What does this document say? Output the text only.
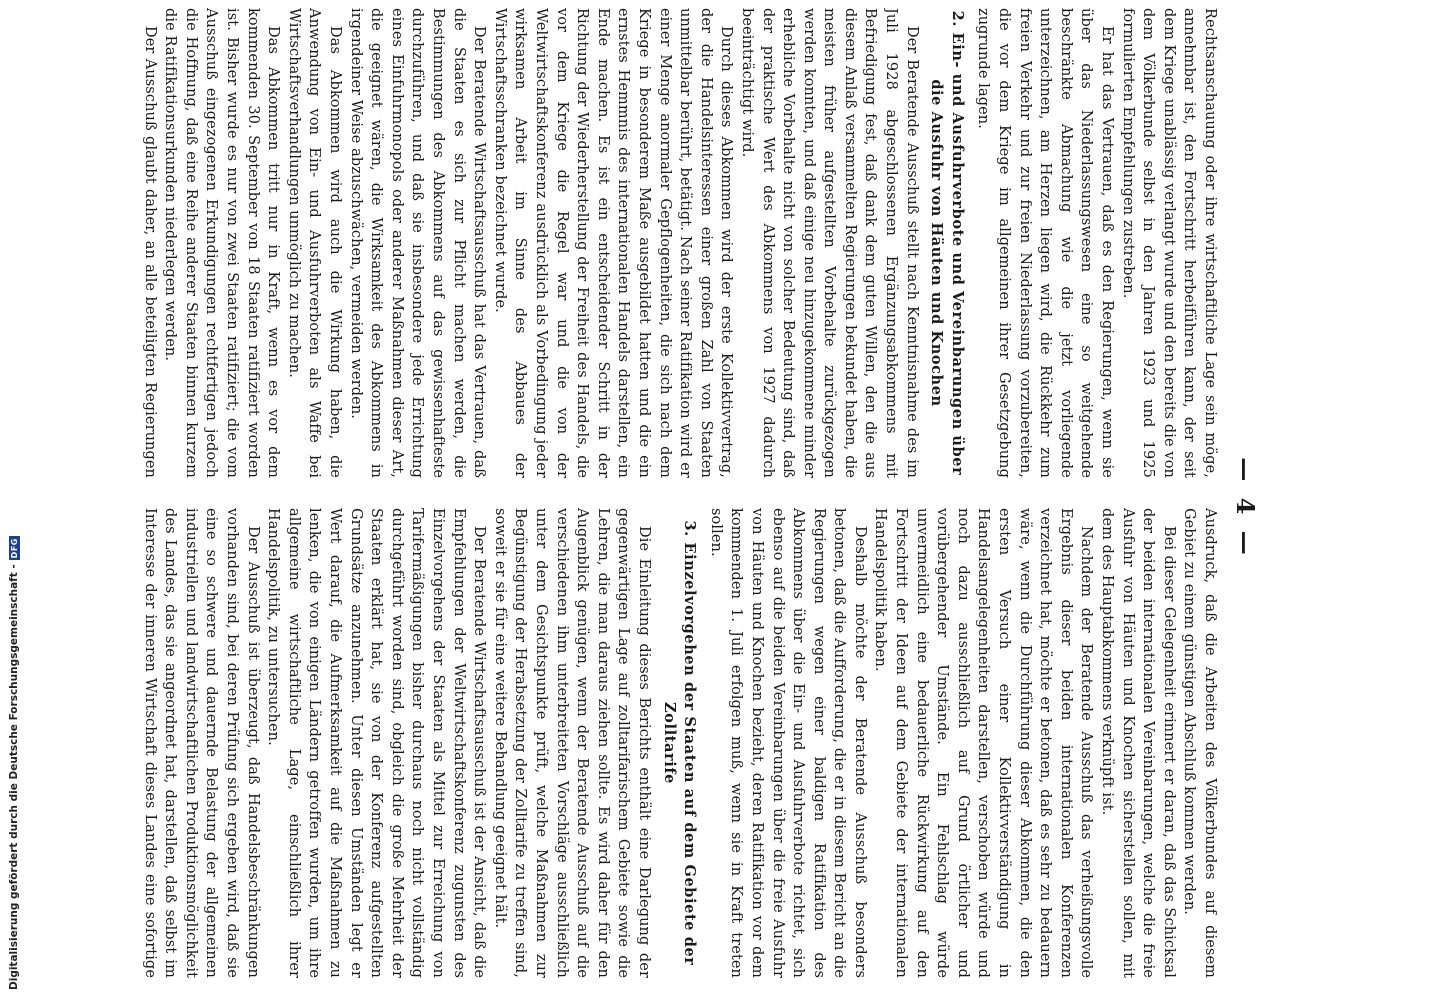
— 4 —

Rechtsanschauung oder ihre wirtschaftliche Lage sein möge, annehmbar ist, den Fortschritt herbeiführen kann, der seit dem Kriege unablässig verlangt wurde und den bereits die von dem Völkerbunde selbst in den Jahren 1923 und 1925 formulierten Empfehlungen zustreben.

Er hat das Vertrauen, daß es den Regierungen, wenn sie über das Niederlassungswesen eine so weitgehende beschränkte Abmachung wie die jetzt vorliegende unterzeichnen, am Herzen liegen wird, die Rückkehr zum freien Verkehr und zur freien Niederlassung vorzubereiten, die vor dem Kriege im allgemeinen ihrer Gesetzgebung zugrunde lagen.

2. Ein- und Ausfuhrverbote und Vereinbarungen über die Ausfuhr von Häuten und Knochen

Der Beratende Ausschuß stellt nach Kenntnisnahme des im Juli 1928 abgeschlossenen Ergänzungsabkommens mit Befriedigung fest, daß dank dem guten Willen, den die aus diesem Anlaß versammelten Regierungen bekundet haben, die meisten früher aufgestellten Vorbehalte zurückgezogen werden konnten, und daß einige neu hinzugekommene minder erhebliche Vorbehalte nicht von solcher Bedeutung sind, daß der praktische Wert des Abkommens von 1927 dadurch beeinträchtigt wird.

Durch dieses Abkommen wird der erste Kollektivvertrag, der die Handelsinteressen einer großen Zahl von Staaten unmittelbar berührt, betätigt. Nach seiner Ratifikation wird er einer Menge anormaler Gepflogenheiten, die sich nach dem Kriege in besonderem Maße ausgebildet hatten und die ein ernstes Hemmnis des internationalen Handels darstellen, ein Ende machen. Es ist ein entscheidender Schritt in der Richtung der Wiederherstellung der Freiheit des Handels, die vor dem Kriege die Regel war und die von der Weltwirtschaftskonferenz ausdrücklich als Vorbedingung jeder wirksamen Arbeit im Sinne des Abbaues der Wirtschaftsschranken bezeichnet wurde.

Der Beratende Wirtschaftsausschuß hat das Vertrauen, daß die Staaten es sich zur Pflicht machen werden, die Bestimmungen des Abkommens auf das gewissenhafteste durchzuführen, und daß sie insbesondere jede Errichtung eines Einfuhrmonopols oder anderer Maßnahmen dieser Art, die geeignet wären, die Wirksamkeit des Abkommens in irgendeiner Weise abzuschwächen, vermeiden werden.

Das Abkommen wird auch die Wirkung haben, die Anwendung von Ein- und Ausfuhrverboten als Waffe bei Wirtschaftsverhandlungen unmöglich zu machen.

Das Abkommen tritt nur in Kraft, wenn es vor dem kommenden 30. September von 18 Staaten ratifiziert worden ist. Bisher wurde es nur von zwei Staaten ratifiziert; die vom Ausschuß eingezogenen Erkundigungen rechtfertigen jedoch die Hoffnung, daß eine Reihe anderer Staaten binnen kurzem die Ratifikationsurkunden niederlegen werden.

Der Ausschuß glaubt daher, an alle beteiligten Regierungen

Ausdruck, daß die Arbeiten des Völkerbundes auf diesem Gebiet zu einem günstigen Abschluß kommen werden.

Bei dieser Gelegenheit erinnert er daran, daß das Schicksal der beiden internationalen Vereinbarungen, welche die freie Ausfuhr von Häuten und Knochen sicherstellen sollen, mit dem des Hauptabkommens verknüpft ist.

Nachdem der Beratende Ausschuß das verheißungsvolle Ergebnis dieser beiden internationalen Konferenzen verzeichnet hat, möchte er betonen, daß es sehr zu bedauern wäre, wenn die Durchführung dieser Abkommen, die den ersten Versuch einer Kollektivverständigung in Handelsangelegenheiten darstellen, verschoben würde und noch dazu ausschließlich auf Grund örtlicher und vorübergehender Umstände. Ein Fehlschlag würde unvermeidlich eine bedauerliche Rückwirkung auf den Fortschritt der Ideen auf dem Gebiete der internationalen Handelspolitik haben.

Deshalb möchte der Beratende Ausschuß besonders betonen, daß die Aufforderung, die er in diesem Bericht an die Regierungen wegen einer baldigen Ratifikation des Abkommens über die Ein- und Ausfuhrverbote richtet, sich ebenso auf die beiden Vereinbarungen über die freie Ausfuhr von Häuten und Knochen bezieht, deren Ratifikation vor dem kommenden 1. Juli erfolgen muß, wenn sie in Kraft treten sollen.

3. Einzelvorgehen der Staaten auf dem Gebiete der Zolltarife

Die Einleitung dieses Berichts enthält eine Darlegung der gegenwärtigen Lage auf zolltarifarischem Gebiete sowie die Lehren, die man daraus ziehen sollte. Es wird daher für den Augenblick genügen, wenn der Beratende Ausschuß auf die verschiedenen ihm unterbreiteten Vorschläge ausschließlich unter dem Gesichtspunkte prüft, welche Maßnahmen zur Begünstigung der Herabsetzung der Zolltarife zu treffen sind, soweit er sie für eine weitere Behandlung geeignet hält.

Der Beratende Wirtschaftsausschuß ist der Ansicht, daß die Empfehlungen der Weltwirtschaftskonferenz zugunsten des Einzelvorgehens der Staaten als Mittel zur Erreichung von Tarifermäßigungen bisher durchaus noch nicht vollständig durchgeführt worden sind, obgleich die große Mehrheit der Staaten erklärt hat, sie von der Konferenz aufgestellten Grundsätze anzunehmen. Unter diesen Umständen legt er Wert darauf, die Aufmerksamkeit auf die Maßnahmen zu lenken, die von einigen Ländern getroffen wurden, um ihre allgemeine wirtschaftliche Lage, einschließlich ihrer Handelspolitik, zu untersuchen.

Der Ausschuß ist überzeugt, daß Handelsbeschränkungen vorhanden sind, bei deren Prüfung sich ergeben wird, daß sie eine so schwere und dauernde Belastung der allgemeinen industriellen und landwirtschaftlichen Produktionsmöglichkeit des Landes, das sie angeordnet hat, darstellen, daß selbst im Interesse der inneren Wirtschaft dieses Landes eine sofortige

Digitalisierung gefördert durch die Deutsche Forschungsgemeinschaft -
DFG
